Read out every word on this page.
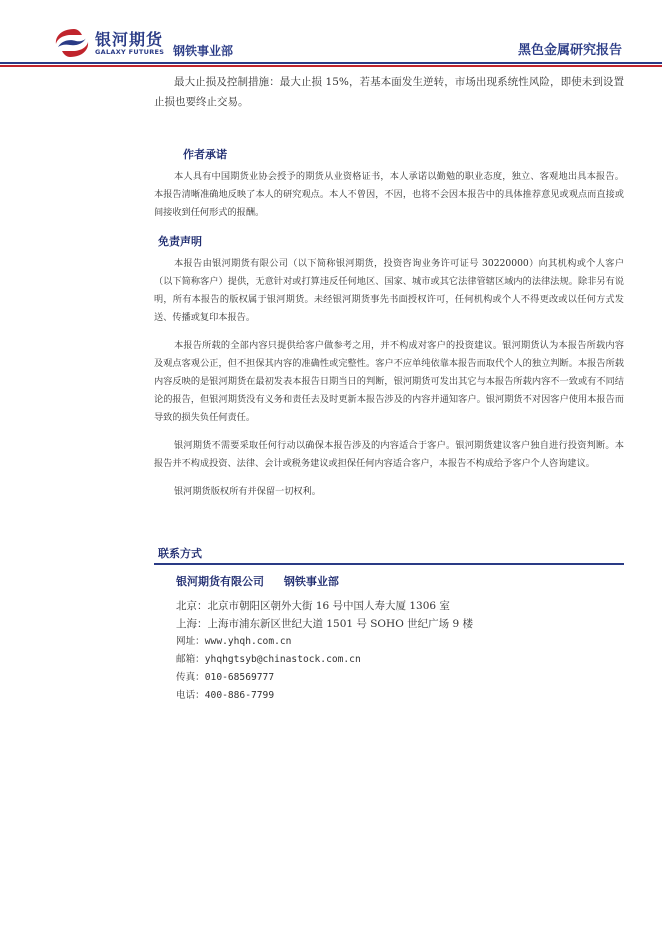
银河期货
GALAXY FUTURES 钢铁事业部	黑色金属研究报告

最大止损及控制措施：最大止损 15%，若基本面发生逆转，市场出现系统性风险，即使未到设置止损也要终止交易。

作者承诺

本人具有中国期货业协会授予的期货从业资格证书，本人承诺以勤勉的职业态度，独立、客观地出具本报告。本报告清晰准确地反映了本人的研究观点。本人不曾因，不因，也将不会因本报告中的具体推荐意见或观点而直接或间接收到任何形式的报酬。

免责声明

本报告由银河期货有限公司（以下简称银河期货，投资咨询业务许可证号 30220000）向其机构或个人客户（以下简称客户）提供，无意针对或打算违反任何地区、国家、城市或其它法律管辖区域内的法律法规。除非另有说明，所有本报告的版权属于银河期货。未经银河期货事先书面授权许可，任何机构或个人不得更改或以任何方式发送、传播或复印本报告。

本报告所载的全部内容只提供给客户做参考之用，并不构成对客户的投资建议。银河期货认为本报告所载内容及观点客观公正，但不担保其内容的准确性或完整性。客户不应单纯依靠本报告而取代个人的独立判断。本报告所载内容反映的是银河期货在最初发表本报告日期当日的判断，银河期货可发出其它与本报告所载内容不一致或有不同结论的报告，但银河期货没有义务和责任去及时更新本报告涉及的内容并通知客户。银河期货不对因客户使用本报告而导致的损失负任何责任。

银河期货不需要采取任何行动以确保本报告涉及的内容适合于客户。银河期货建议客户独自进行投资判断。本报告并不构成投资、法律、会计或税务建议或担保任何内容适合客户，本报告不构成给予客户个人咨询建议。

银河期货版权所有并保留一切权利。

联系方式
银河期货有限公司 钢铁事业部
北京：北京市朝阳区朝外大街 16 号中国人寿大厦 1306 室
上海：上海市浦东新区世纪大道 1501 号 SOHO 世纪广场 9 楼
网址：www.yhqh.com.cn
邮箱：yhqhgtsyb@chinastock.com.cn
传真：010-68569777
电话：400-886-7799
